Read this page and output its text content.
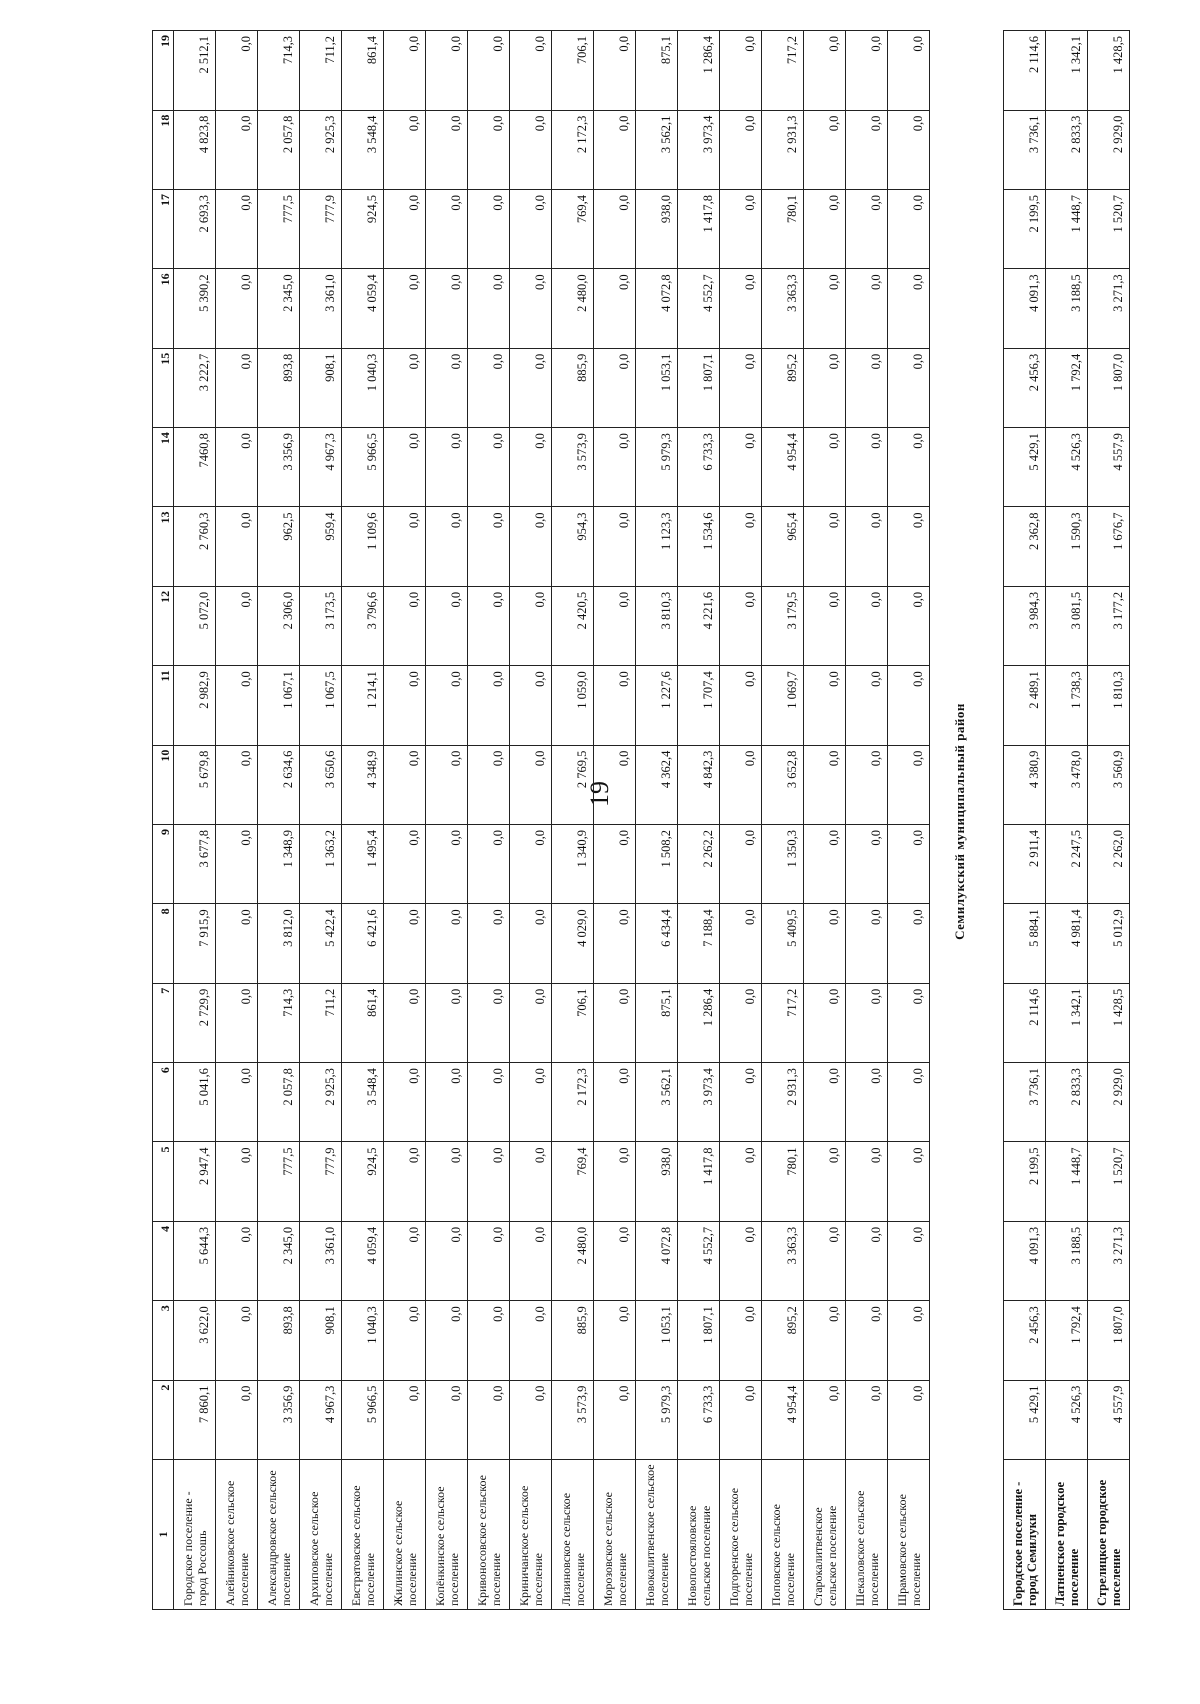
19
1	2	3	4	5	6	7	8	9	10	11	12	13	14	15	16	17	18	19
Городское поселение - город Россошь	7 860,1	3 622,0	5 644,3	2 947,4	5 041,6	2 729,9	7 915,9	3 677,8	5 679,8	2 982,9	5 072,0	2 760,3	7460,8	3 222,7	5 390,2	2 693,3	4 823,8	2 512,1
Алейниковское сельское поселение	0,0	0,0	0,0	0,0	0,0	0,0	0,0	0,0	0,0	0,0	0,0	0,0	0,0	0,0	0,0	0,0	0,0	0,0
Александровское сельское поселение	3 356,9	893,8	2 345,0	777,5	2 057,8	714,3	3 812,0	1 348,9	2 634,6	1 067,1	2 306,0	962,5	3 356,9	893,8	2 345,0	777,5	2 057,8	714,3
Архиповское сельское поселение	4 967,3	908,1	3 361,0	777,9	2 925,3	711,2	5 422,4	1 363,2	3 650,6	1 067,5	3 173,5	959,4	4 967,3	908,1	3 361,0	777,9	2 925,3	711,2
Евстратовское сельское поселение	5 966,5	1 040,3	4 059,4	924,5	3 548,4	861,4	6 421,6	1 495,4	4 348,9	1 214,1	3 796,6	1 109,6	5 966,5	1 040,3	4 059,4	924,5	3 548,4	861,4
Жилинское сельское поселение	0,0	0,0	0,0	0,0	0,0	0,0	0,0	0,0	0,0	0,0	0,0	0,0	0,0	0,0	0,0	0,0	0,0	0,0
Копёнкинское сельское поселение	0,0	0,0	0,0	0,0	0,0	0,0	0,0	0,0	0,0	0,0	0,0	0,0	0,0	0,0	0,0	0,0	0,0	0,0
Кривоносовское сельское поселение	0,0	0,0	0,0	0,0	0,0	0,0	0,0	0,0	0,0	0,0	0,0	0,0	0,0	0,0	0,0	0,0	0,0	0,0
Криничанское сельское поселение	0,0	0,0	0,0	0,0	0,0	0,0	0,0	0,0	0,0	0,0	0,0	0,0	0,0	0,0	0,0	0,0	0,0	0,0
Лизиновское сельское поселение	3 573,9	885,9	2 480,0	769,4	2 172,3	706,1	4 029,0	1 340,9	2 769,5	1 059,0	2 420,5	954,3	3 573,9	885,9	2 480,0	769,4	2 172,3	706,1
Морозовское сельское поселение	0,0	0,0	0,0	0,0	0,0	0,0	0,0	0,0	0,0	0,0	0,0	0,0	0,0	0,0	0,0	0,0	0,0	0,0
Новокалитвенское сельское поселение	5 979,3	1 053,1	4 072,8	938,0	3 562,1	875,1	6 434,4	1 508,2	4 362,4	1 227,6	3 810,3	1 123,3	5 979,3	1 053,1	4 072,8	938,0	3 562,1	875,1
Новопостояловское сельское поселение	6 733,3	1 807,1	4 552,7	1 417,8	3 973,4	1 286,4	7 188,4	2 262,2	4 842,3	1 707,4	4 221,6	1 534,6	6 733,3	1 807,1	4 552,7	1 417,8	3 973,4	1 286,4
Подгоренское сельское поселение	0,0	0,0	0,0	0,0	0,0	0,0	0,0	0,0	0,0	0,0	0,0	0,0	0,0	0,0	0,0	0,0	0,0	0,0
Поповское сельское поселение	4 954,4	895,2	3 363,3	780,1	2 931,3	717,2	5 409,5	1 350,3	3 652,8	1 069,7	3 179,5	965,4	4 954,4	895,2	3 363,3	780,1	2 931,3	717,2
Старокалитвенское сельское поселение	0,0	0,0	0,0	0,0	0,0	0,0	0,0	0,0	0,0	0,0	0,0	0,0	0,0	0,0	0,0	0,0	0,0	0,0
Шекаловское сельское поселение	0,0	0,0	0,0	0,0	0,0	0,0	0,0	0,0	0,0	0,0	0,0	0,0	0,0	0,0	0,0	0,0	0,0	0,0
Шрамовское сельское поселение	0,0	0,0	0,0	0,0	0,0	0,0	0,0	0,0	0,0	0,0	0,0	0,0	0,0	0,0	0,0	0,0	0,0	0,0
Семилукский муниципальный район																		

Городское поселение - город Семилуки	5 429,1	2 456,3	4 091,3	2 199,5	3 736,1	2 114,6	5 884,1	2 911,4	4 380,9	2 489,1	3 984,3	2 362,8	5 429,1	2 456,3	4 091,3	2 199,5	3 736,1	2 114,6
Латненское городское поселение	4 526,3	1 792,4	3 188,5	1 448,7	2 833,3	1 342,1	4 981,4	2 247,5	3 478,0	1 738,3	3 081,5	1 590,3	4 526,3	1 792,4	3 188,5	1 448,7	2 833,3	1 342,1
Стрелицкое городское поселение	4 557,9	1 807,0	3 271,3	1 520,7	2 929,0	1 428,5	5 012,9	2 262,0	3 560,9	1 810,3	3 177,2	1 676,7	4 557,9	1 807,0	3 271,3	1 520,7	2 929,0	1 428,5
